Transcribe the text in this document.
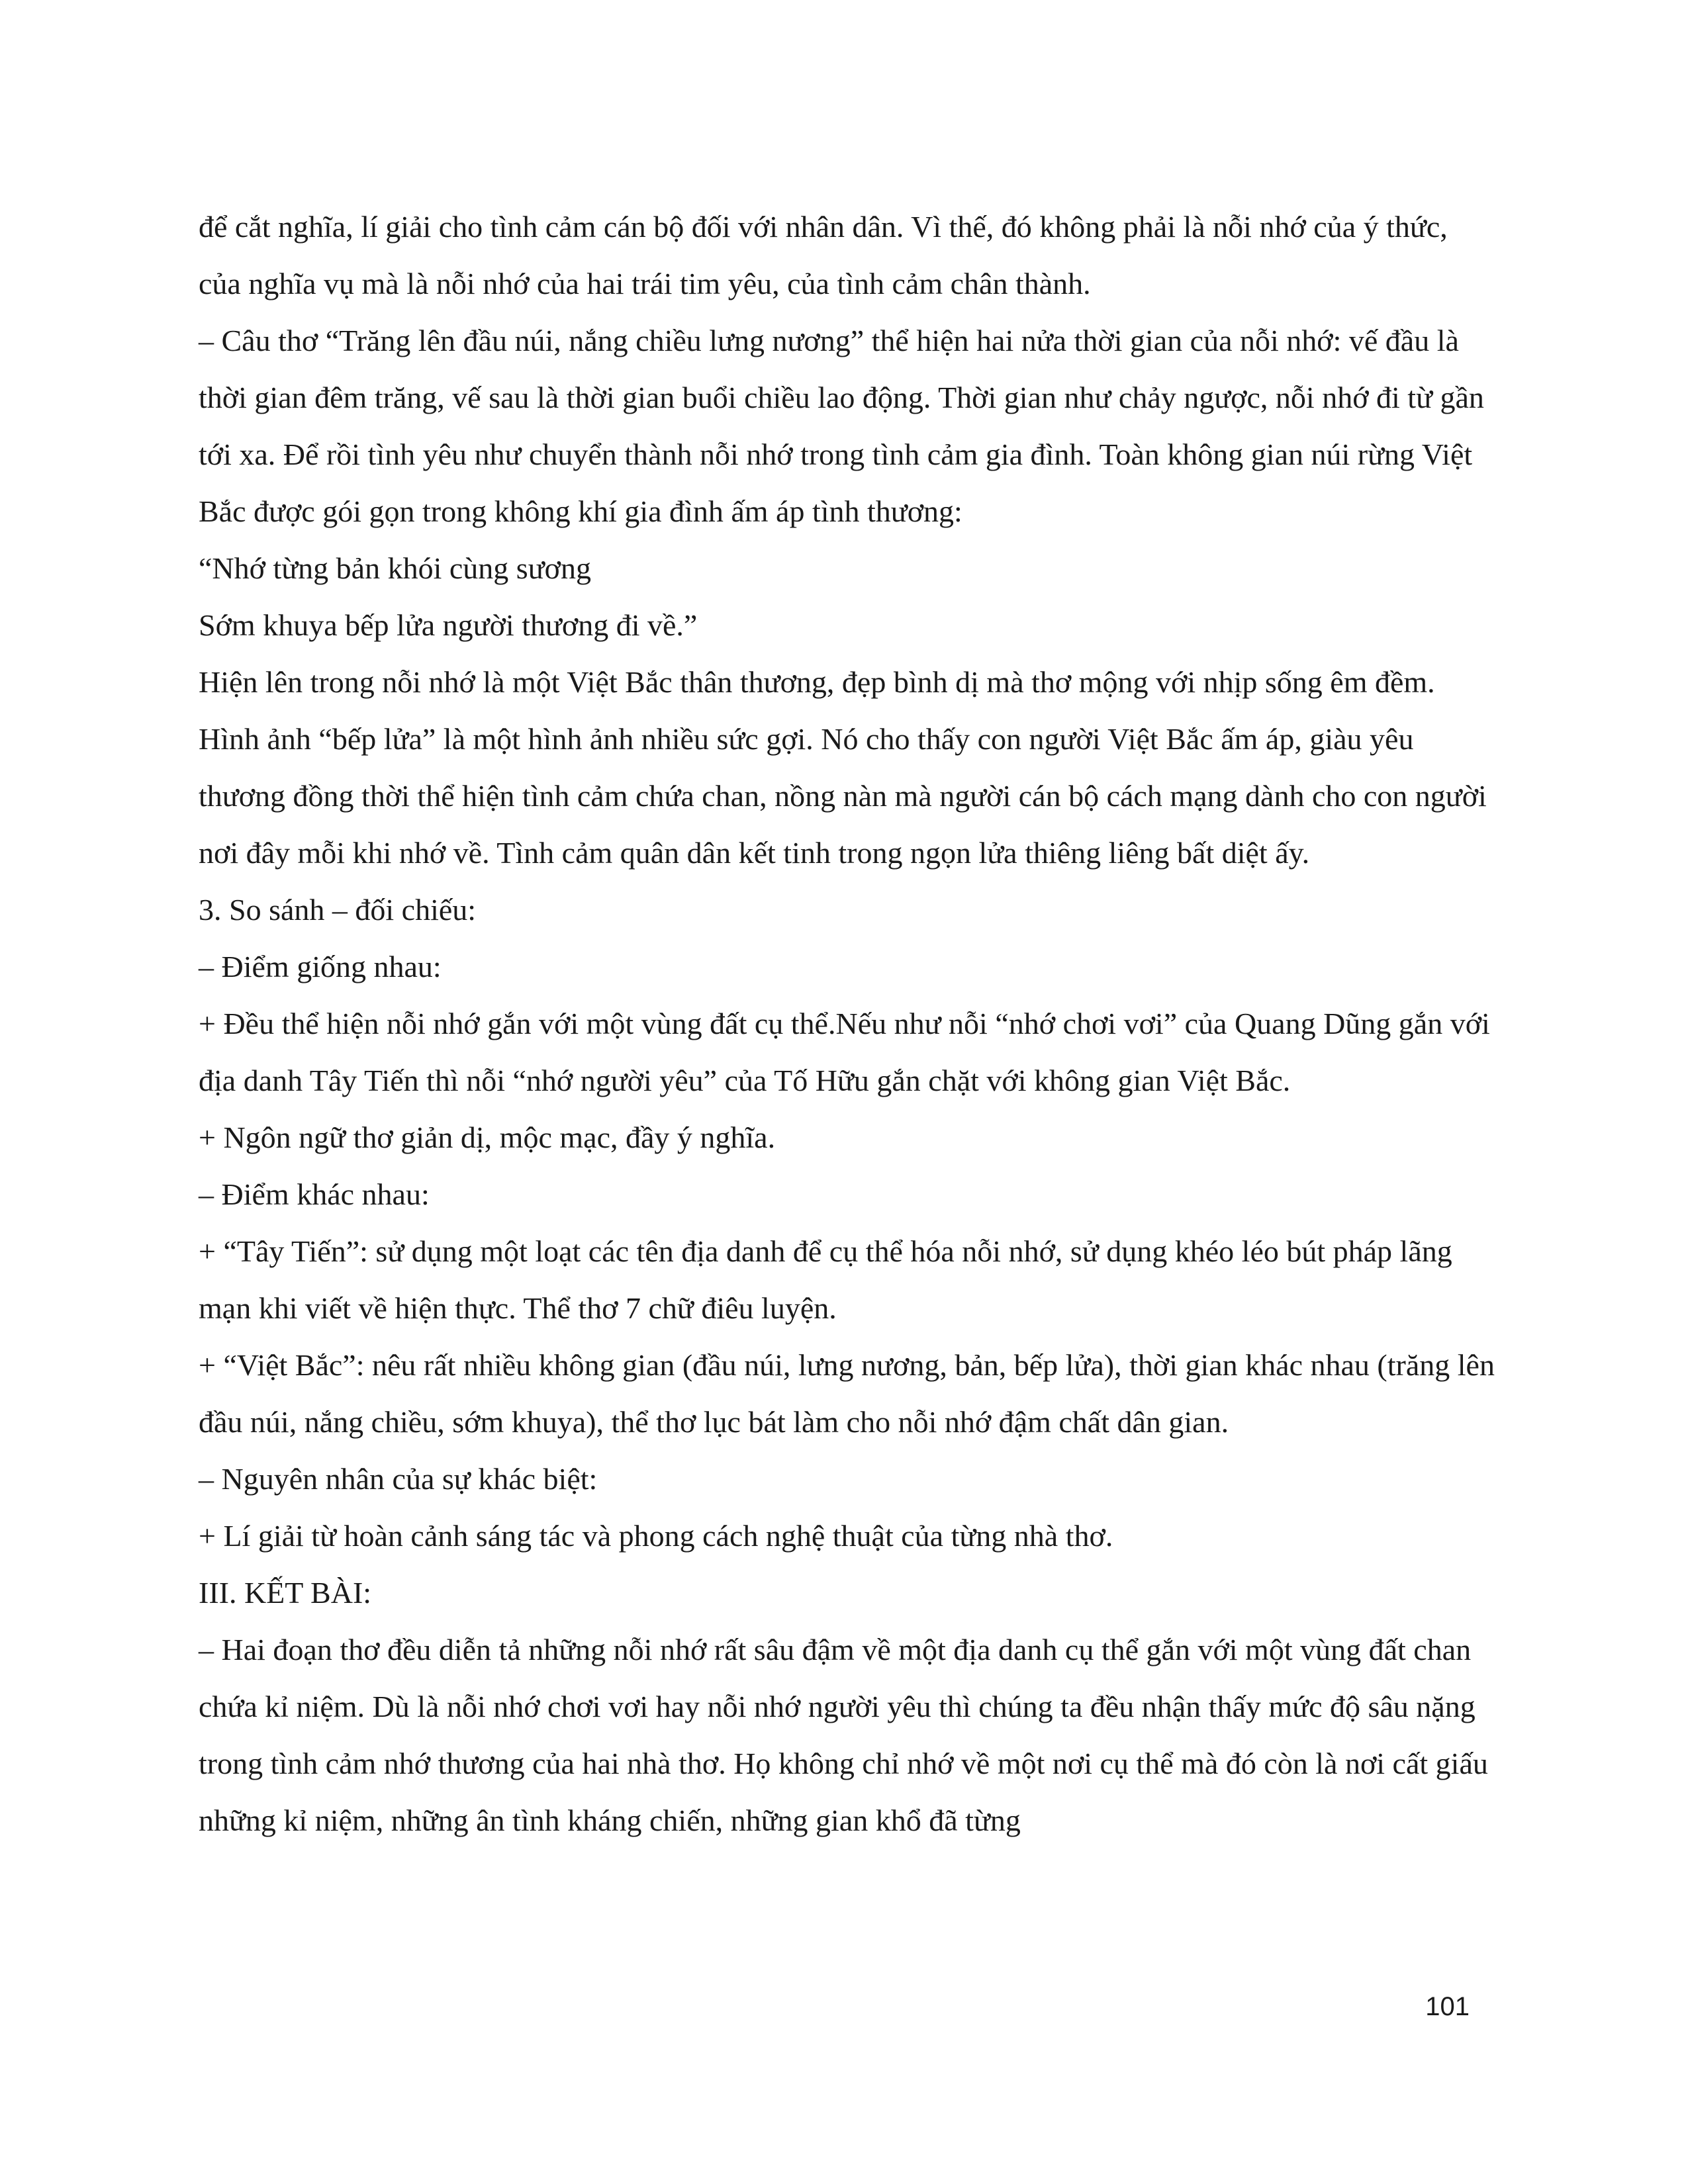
để cắt nghĩa, lí giải cho tình cảm cán bộ đối với nhân dân. Vì thế, đó không phải là nỗi nhớ của ý thức, của nghĩa vụ mà là nỗi nhớ của hai trái tim yêu, của tình cảm chân thành.

– Câu thơ “Trăng lên đầu núi, nắng chiều lưng nương” thể hiện hai nửa thời gian của nỗi nhớ: vế đầu là thời gian đêm trăng, vế sau là thời gian buổi chiều lao động. Thời gian như chảy ngược, nỗi nhớ đi từ gần tới xa. Để rồi tình yêu như chuyển thành nỗi nhớ trong tình cảm gia đình. Toàn không gian núi rừng Việt Bắc được gói gọn trong không khí gia đình ấm áp tình thương:

“Nhớ từng bản khói cùng sương

Sớm khuya bếp lửa người thương đi về.”

Hiện lên trong nỗi nhớ là một Việt Bắc thân thương, đẹp bình dị mà thơ mộng với nhịp sống êm đềm. Hình ảnh “bếp lửa” là một hình ảnh nhiều sức gợi. Nó cho thấy con người Việt Bắc ấm áp, giàu yêu thương đồng thời thể hiện tình cảm chứa chan, nồng nàn mà người cán bộ cách mạng dành cho con người nơi đây mỗi khi nhớ về. Tình cảm quân dân kết tinh trong ngọn lửa thiêng liêng bất diệt ấy.

3. So sánh – đối chiếu:

– Điểm giống nhau:

+ Đều thể hiện nỗi nhớ gắn với một vùng đất cụ thể.Nếu như nỗi “nhớ chơi vơi” của Quang Dũng gắn với địa danh Tây Tiến thì nỗi “nhớ người yêu” của Tố Hữu gắn chặt với không gian Việt Bắc.

+ Ngôn ngữ thơ giản dị, mộc mạc, đầy ý nghĩa.

– Điểm khác nhau:

+ “Tây Tiến”: sử dụng một loạt các tên địa danh để cụ thể hóa nỗi nhớ, sử dụng khéo léo bút pháp lãng mạn khi viết về hiện thực. Thể thơ 7 chữ điêu luyện.

+ “Việt Bắc”: nêu rất nhiều không gian (đầu núi, lưng nương, bản, bếp lửa), thời gian khác nhau (trăng lên đầu núi, nắng chiều, sớm khuya), thể thơ lục bát làm cho nỗi nhớ đậm chất dân gian.

– Nguyên nhân của sự khác biệt:

+ Lí giải từ hoàn cảnh sáng tác và phong cách nghệ thuật của từng nhà thơ.

III. KẾT BÀI:

– Hai đoạn thơ đều diễn tả những nỗi nhớ rất sâu đậm về một địa danh cụ thể gắn với một vùng đất chan chứa kỉ niệm. Dù là nỗi nhớ chơi vơi hay nỗi nhớ người yêu thì chúng ta đều nhận thấy mức độ sâu nặng trong tình cảm nhớ thương của hai nhà thơ. Họ không chỉ nhớ về một nơi cụ thể mà đó còn là nơi cất giấu những kỉ niệm, những ân tình kháng chiến, những gian khổ đã từng

101
